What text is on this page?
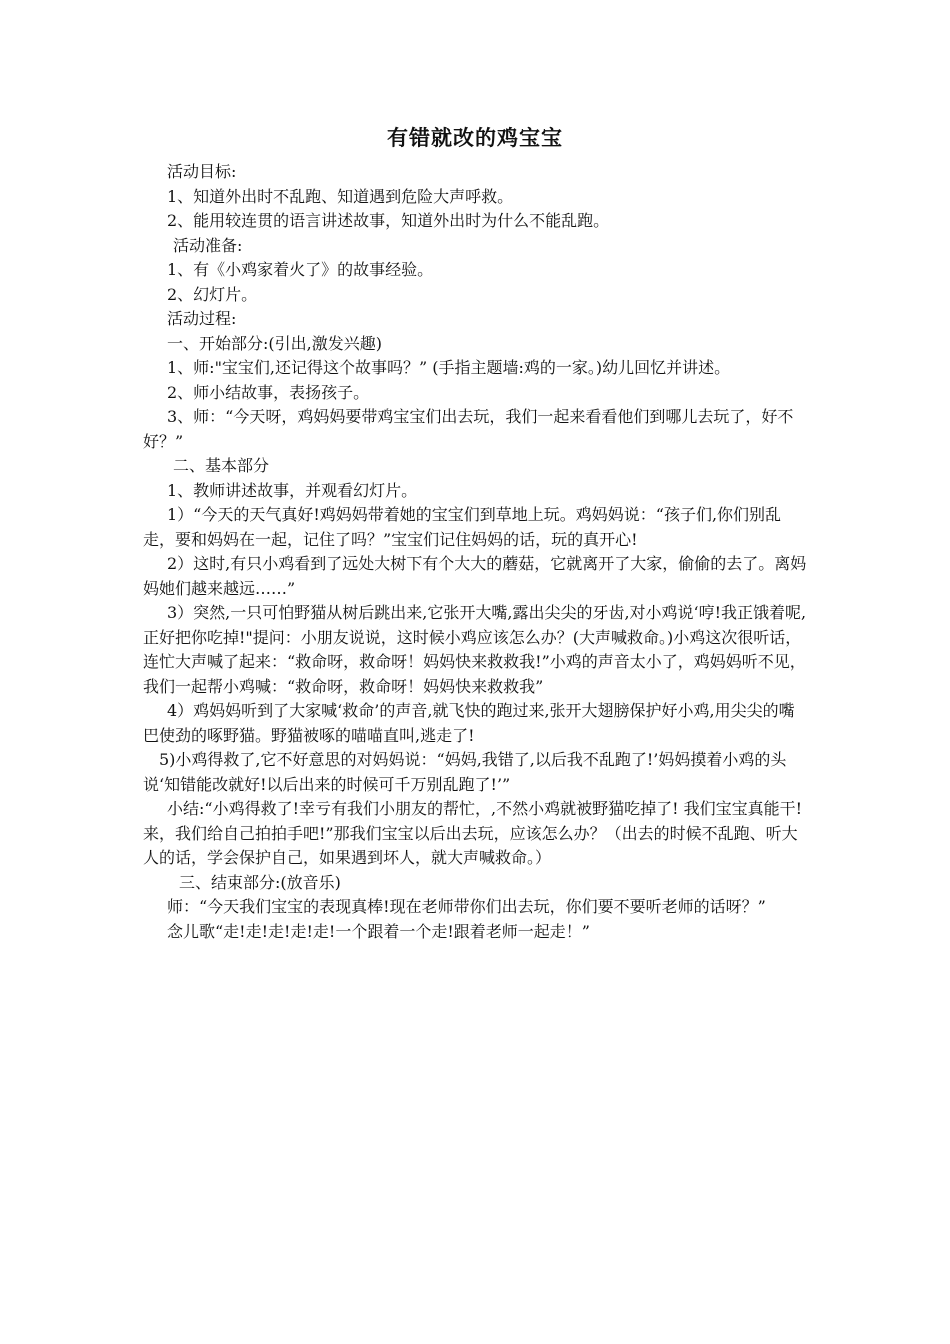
有错就改的鸡宝宝

活动目标:

1、知道外出时不乱跑、知道遇到危险大声呼救。

2、能用较连贯的语言讲述故事，知道外出时为什么不能乱跑。

活动准备:

1、有《小鸡家着火了》的故事经验。

2、幻灯片。

活动过程:

一、开始部分:(引出,激发兴趣)

1、师:"宝宝们,还记得这个故事吗？” (手指主题墙:鸡的一家。)幼儿回忆并讲述。

2、师小结故事，表扬孩子。

3、师：“今天呀，鸡妈妈要带鸡宝宝们出去玩，我们一起来看看他们到哪儿去玩了，好不好？”

二、基本部分

1、教师讲述故事，并观看幻灯片。

1）“今天的天气真好!鸡妈妈带着她的宝宝们到草地上玩。鸡妈妈说：“孩子们,你们别乱走，要和妈妈在一起，记住了吗？”宝宝们记住妈妈的话，玩的真开心!

2）这时,有只小鸡看到了远处大树下有个大大的蘑菇，它就离开了大家，偷偷的去了。离妈妈她们越来越远……”

3）突然,一只可怕野猫从树后跳出来,它张开大嘴,露出尖尖的牙齿,对小鸡说‘哼!我正饿着呢,正好把你吃掉!"提问：小朋友说说，这时候小鸡应该怎么办？(大声喊救命。)小鸡这次很听话，连忙大声喊了起来：“救命呀，救命呀！妈妈快来救救我!”小鸡的声音太小了，鸡妈妈听不见，我们一起帮小鸡喊：“救命呀，救命呀！妈妈快来救救我”

4）鸡妈妈听到了大家喊‘救命’的声音,就飞快的跑过来,张开大翅膀保护好小鸡,用尖尖的嘴巴使劲的啄野猫。野猫被啄的喵喵直叫,逃走了!

5)小鸡得救了,它不好意思的对妈妈说：“妈妈,我错了,以后我不乱跑了!’妈妈摸着小鸡的头说‘知错能改就好!以后出来的时候可千万别乱跑了!’”

小结:“小鸡得救了!幸亏有我们小朋友的帮忙，,不然小鸡就被野猫吃掉了! 我们宝宝真能干!来，我们给自己拍拍手吧!”那我们宝宝以后出去玩，应该怎么办？（出去的时候不乱跑、听大人的话，学会保护自己，如果遇到坏人，就大声喊救命。）

三、结束部分:(放音乐)

师：“今天我们宝宝的表现真棒!现在老师带你们出去玩，你们要不要听老师的话呀？”

念儿歌“走!走!走!走!走!一个跟着一个走!跟着老师一起走！”
